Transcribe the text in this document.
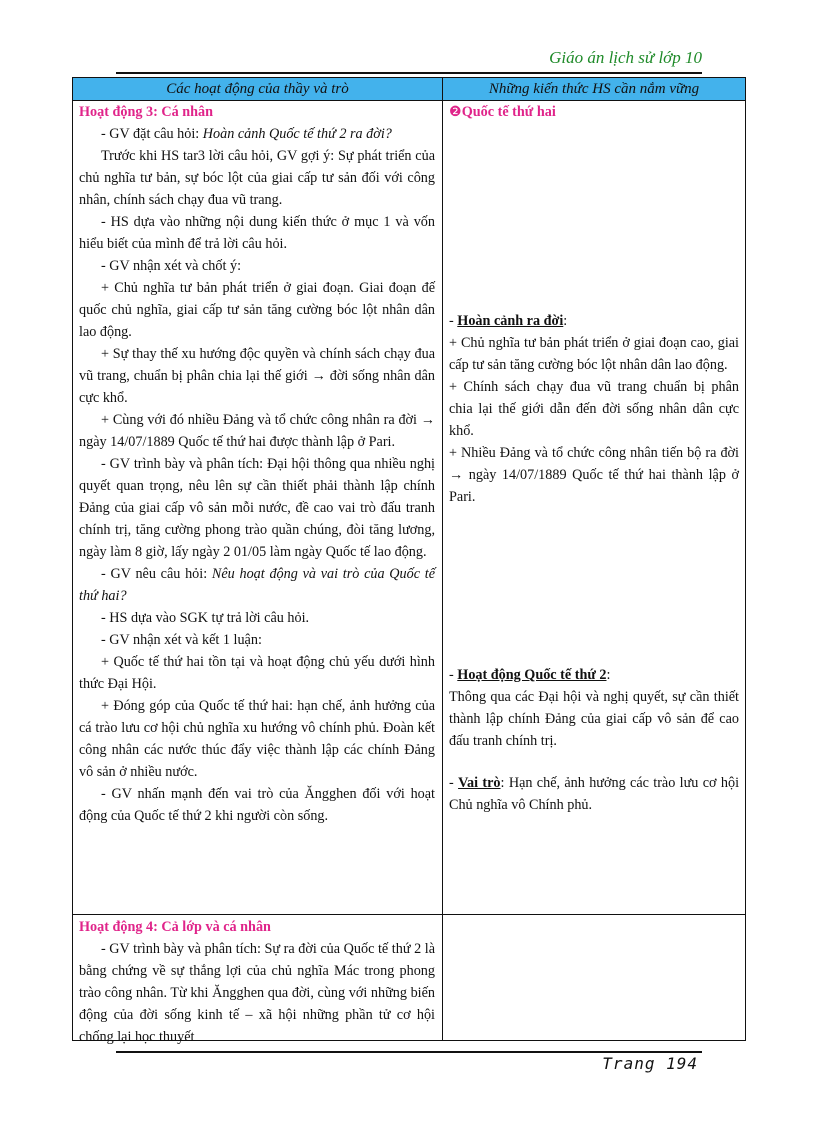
Giáo án lịch sử lớp 10
Các hoạt động của thầy và trò	Những kiến thức HS cần nắm vững

Hoạt động 3: Cá nhân

- GV đặt câu hỏi: Hoàn cảnh Quốc tế thứ 2 ra đời?

Trước khi HS tar3 lời câu hỏi, GV gợi ý: Sự phát triển của chủ nghĩa tư bản, sự bóc lột của giai cấp tư sản đối với công nhân, chính sách chạy đua vũ trang.

- HS dựa vào những nội dung kiến thức ở mục 1 và vốn hiểu biết của mình để trả lời câu hỏi.

- GV nhận xét và chốt ý:

+ Chủ nghĩa tư bản phát triển ở giai đoạn. Giai đoạn đế quốc chủ nghĩa, giai cấp tư sản tăng cường bóc lột nhân dân lao động.

+ Sự thay thế xu hướng độc quyền và chính sách chạy đua vũ trang, chuẩn bị phân chia lại thế giới → đời sống nhân dân cực khổ.

+ Cùng với đó nhiều Đảng và tổ chức công nhân ra đời → ngày 14/07/1889 Quốc tế thứ hai được thành lập ở Pari.

- GV trình bày và phân tích: Đại hội thông qua nhiều nghị quyết quan trọng, nêu lên sự cần thiết phải thành lập chính Đảng của giai cấp vô sản mỗi nước, đề cao vai trò đấu tranh chính trị, tăng cường phong trào quần chúng, đòi tăng lương, ngày làm 8 giờ, lấy ngày 2 01/05 làm ngày Quốc tế lao động.

- GV nêu câu hỏi: Nêu hoạt động và vai trò của Quốc tế thứ hai?

- HS dựa vào SGK tự trả lời câu hỏi.

- GV nhận xét và kết 1 luận:

+ Quốc tế thứ hai tồn tại và hoạt động chủ yếu dưới hình thức Đại Hội.

+ Đóng góp của Quốc tế thứ hai: hạn chế, ảnh hưởng của cá trào lưu cơ hội chủ nghĩa xu hướng vô chính phủ. Đoàn kết công nhân các nước thúc đẩy việc thành lập các chính Đảng vô sản ở nhiều nước.

- GV nhấn mạnh đến vai trò của Ăngghen đối với hoạt động của Quốc tế thứ 2 khi người còn sống.

Hoạt động 4: Cả lớp và cá nhân

- GV trình bày và phân tích: Sự ra đời của Quốc tế thứ 2 là bằng chứng về sự thắng lợi của chủ nghĩa Mác trong phong trào công nhân. Từ khi Ăngghen qua đời, cùng với những biến động của đời sống kinh tế – xã hội những phần tử cơ hội chống lại học thuyết

❷Quốc tế thứ hai

- Hoàn cảnh ra đời:

+ Chủ nghĩa tư bản phát triển ở giai đoạn cao, giai cấp tư sản tăng cường bóc lột nhân dân lao động.

+ Chính sách chạy đua vũ trang chuẩn bị phân chia lại thế giới dẫn đến đời sống nhân dân cực khổ.

+ Nhiều Đảng và tổ chức công nhân tiến bộ ra đời → ngày 14/07/1889 Quốc tế thứ hai thành lập ở Pari.

- Hoạt động Quốc tế thứ 2:

Thông qua các Đại hội và nghị quyết, sự cần thiết thành lập chính Đảng của giai cấp vô sản để cao đấu tranh chính trị.

- Vai trò: Hạn chế, ảnh hưởng các trào lưu cơ hội Chủ nghĩa vô Chính phủ.

Trang 194
